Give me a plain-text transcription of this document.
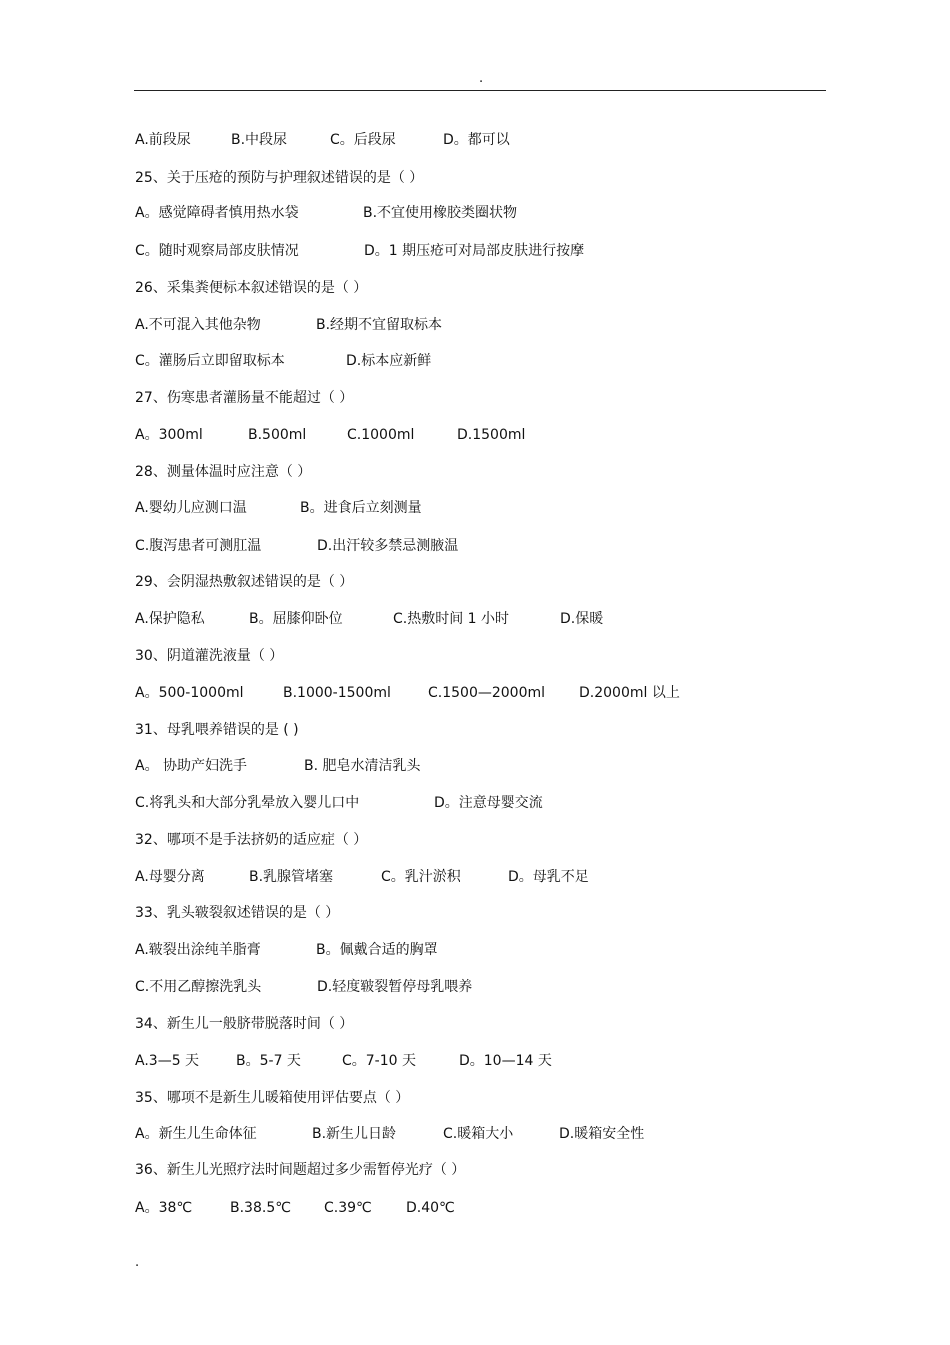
.
A.前段尿	B.中段尿	C。后段尿	D。都可以
25、关于压疮的预防与护理叙述错误的是（ ）
A。感觉障碍者慎用热水袋	B.不宜使用橡胶类圈状物
C。随时观察局部皮肤情况	D。1 期压疮可对局部皮肤进行按摩
26、采集粪便标本叙述错误的是（ ）
A.不可混入其他杂物	B.经期不宜留取标本
C。灌肠后立即留取标本	D.标本应新鲜
27、伤寒患者灌肠量不能超过（ ）
A。300ml	B.500ml	C.1000ml	D.1500ml
28、测量体温时应注意（ ）
A.婴幼儿应测口温	B。进食后立刻测量
C.腹泻患者可测肛温	D.出汗较多禁忌测腋温
29、会阴湿热敷叙述错误的是（ ）
A.保护隐私	B。屈膝仰卧位	C.热敷时间 1 小时	D.保暖
30、阴道灌洗液量（ ）
A。500-1000ml	B.1000-1500ml	C.1500—2000ml D.2000ml 以上
31、母乳喂养错误的是 ( )
A。 协助产妇洗手	B. 肥皂水清洁乳头
C.将乳头和大部分乳晕放入婴儿口中	D。注意母婴交流
32、哪项不是手法挤奶的适应症（ ）
A.母婴分离	B.乳腺管堵塞	C。乳汁淤积	D。母乳不足
33、乳头皲裂叙述错误的是（ ）
A.皲裂出涂纯羊脂膏	B。佩戴合适的胸罩
C.不用乙醇擦洗乳头	D.轻度皲裂暂停母乳喂养
34、新生儿一般脐带脱落时间（ ）
A.3—5 天	B。5-7 天	C。7-10 天	D。10—14 天
35、哪项不是新生儿暖箱使用评估要点（ ）
A。新生儿生命体征	B.新生儿日龄	C.暖箱大小	D.暖箱安全性
36、新生儿光照疗法时间题超过多少需暂停光疗（ ）
A。38℃	B.38.5℃ C.39℃ D.40℃
.
